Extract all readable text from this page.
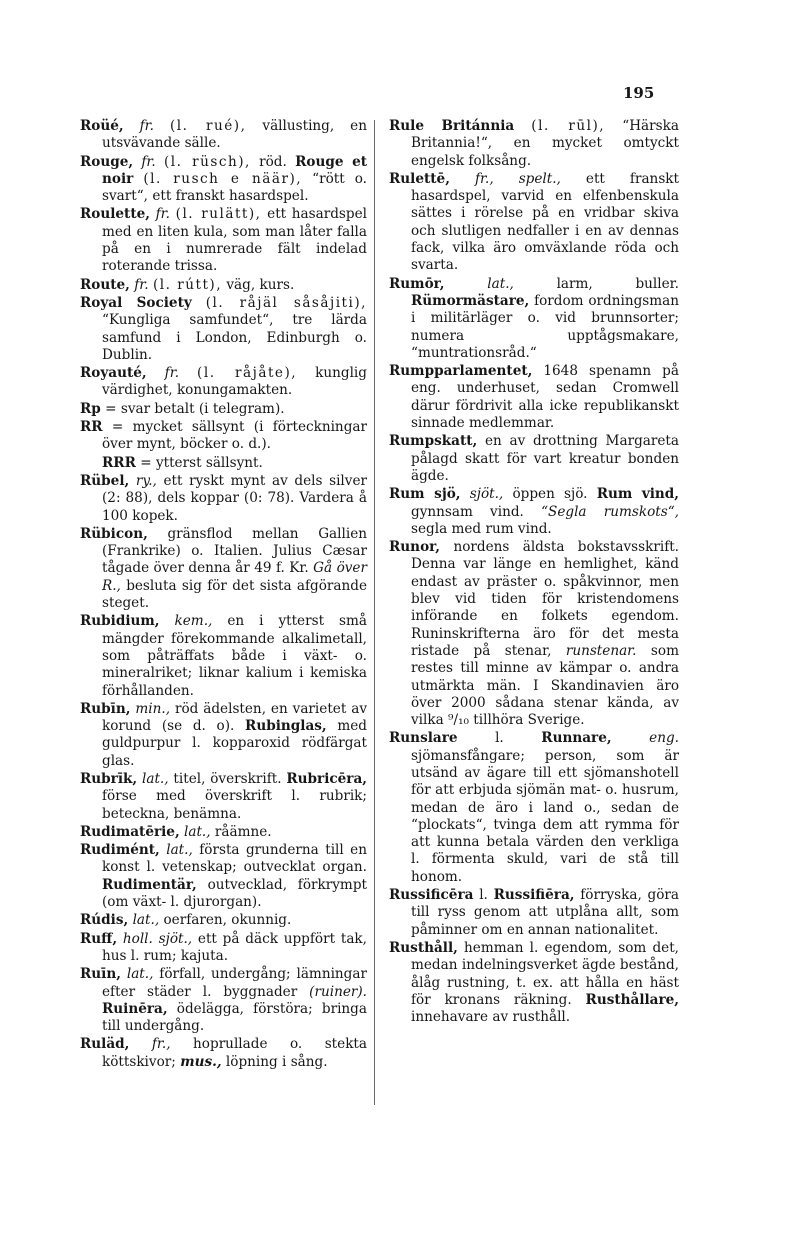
195

Roüé, fr. (l. rué), vällusting, en utsvävande sälle.

Rouge, fr. (l. rüsch), röd. Rouge et noir (l. rusch e näär), “rött o. svart“, ett franskt hasardspel.

Roulette, fr. (l. rulätt), ett hasardspel med en liten kula, som man låter falla på en i numrerade fält indelad roterande trissa.

Route, fr. (l. rútt), väg, kurs.

Royal Society (l. råjäl såsåjiti), “Kungliga samfundet“, tre lärda samfund i London, Edinburgh o. Dublin.

Royauté, fr. (l. råjåte), kunglig värdighet, konungamakten.

Rp = svar betalt (i telegram).

RR = mycket sällsynt (i förteckningar över mynt, böcker o. d.).

RRR = ytterst sällsynt.

Rübel, ry., ett ryskt mynt av dels silver (2: 88), dels koppar (0: 78). Vardera å 100 kopek.

Rübicon, gränsflod mellan Gallien (Frankrike) o. Italien. Julius Cæsar tågade över denna år 49 f. Kr. Gå över R., besluta sig för det sista afgörande steget.

Rubidium, kem., en i ytterst små mängder förekommande alkalimetall, som påträffats både i växt- o. mineralriket; liknar kalium i kemiska förhållanden.

Rubīn, min., röd ädelsten, en varietet av korund (se d. o). Rubinglas, med guldpurpur l. kopparoxid rödfärgat glas.

Rubrīk, lat., titel, överskrift. Rubricēra, förse med överskrift l. rubrik; beteckna, benämna.

Rudimatērie, lat., råämne.

Rudimént, lat., första grunderna till en konst l. vetenskap; outvecklat organ. Rudimentär, outvecklad, förkrympt (om växt- l. djurorgan).

Rúdis, lat., oerfaren, okunnig.

Ruff, holl. sjöt., ett på däck uppfört tak, hus l. rum; kajuta.

Ruīn, lat., förfall, undergång; lämningar efter städer l. byggnader (ruiner). Ruinēra, ödelägga, förstöra; bringa till undergång.

Ruläd, fr., hoprullade o. stekta köttskivor; mus., löpning i sång.

Rule Británnia (l. rūl), “Härska Britannia!“, en mycket omtyckt engelsk folksång.

Rulettē, fr., spelt., ett franskt hasardspel, varvid en elfenbenskula sättes i rörelse på en vridbar skiva och slutligen nedfaller i en av dennas fack, vilka äro omväxlande röda och svarta.

Rumōr,	lat.,	larm, buller. Rümormästare, fordom ordningsman i militärläger o. vid brunnsorter; numera upptågsmakare, “muntrationsråd.“

Rumpparlamentet, 1648 spenamn på eng. underhuset, sedan Cromwell därur fördrivit alla icke republikanskt sinnade medlemmar.

Rumpskatt, en av drottning Margareta pålagd skatt för vart kreatur bonden ägde.

Rum sjö, sjöt., öppen sjö. Rum vind, gynnsam vind. “Segla rumskots“, segla med rum vind.

Runor, nordens äldsta bokstavsskrift. Denna var länge en hemlighet, känd endast av präster o. spåkvinnor, men blev vid tiden för kristendomens införande en folkets egendom. Runinskrifterna äro för det mesta ristade på stenar, runstenar. som restes till minne av kämpar o. andra utmärkta män. I Skandinavien äro över 2000 sådana stenar kända, av vilka ⁹/₁₀ tillhöra Sverige.

Runslare	l.	Runnare,	eng. sjömansfångare; person, som är utsänd av ägare till ett sjömanshotell för att erbjuda sjömän mat- o. husrum, medan de äro i land o., sedan de “plockats“, tvinga dem att rymma för att kunna betala värden den verkliga l. förmenta skuld, vari de stå till honom.

Russificēra l. Russifiēra, förryska, göra till ryss genom att utplåna allt, som påminner om en annan nationalitet.

Rusthåll, hemman l. egendom, som det, medan indelningsverket ägde bestånd, ålåg rustning, t. ex. att hålla en häst för kronans räkning. Rusthållare, innehavare av rusthåll.
